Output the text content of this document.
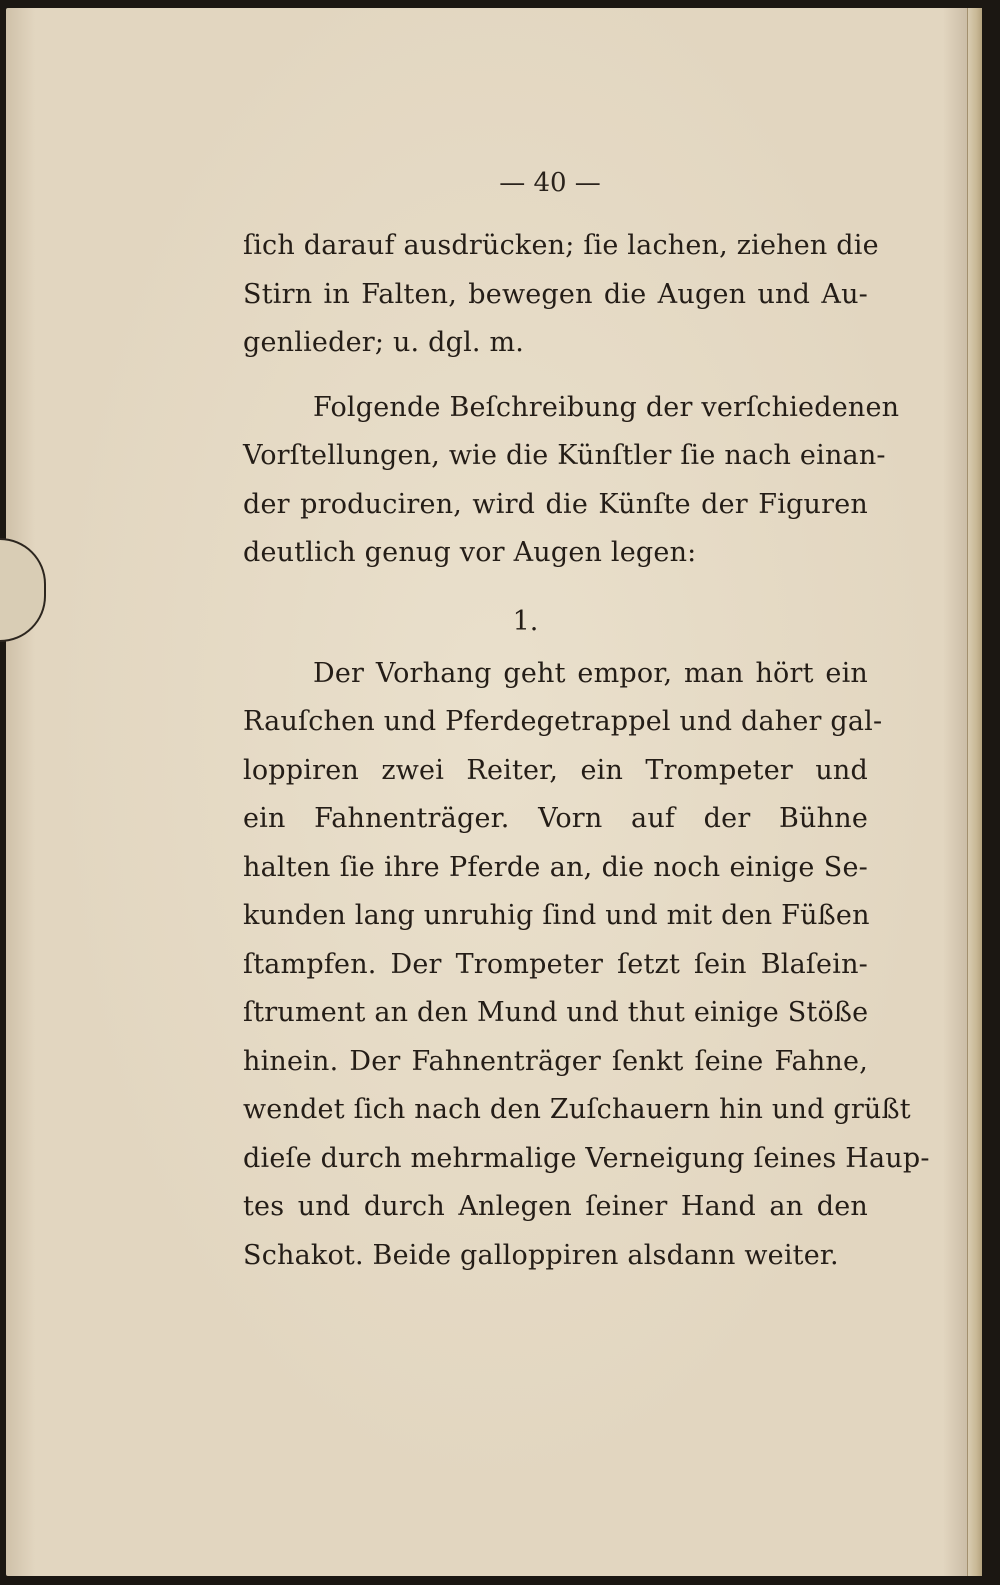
— 40 —
ſich darauf ausdrücken; ſie lachen, ziehen die
Stirn in Falten, bewegen die Augen und Au-
genlieder; u. dgl. m.
Folgende Beſchreibung der verſchiedenen
Vorſtellungen, wie die Künſtler ſie nach einan-
der produciren, wird die Künſte der Figuren
deutlich genug vor Augen legen:
1.
Der Vorhang geht empor, man hört ein
Rauſchen und Pferdegetrappel und daher gal-
loppiren zwei Reiter, ein Trompeter und
ein Fahnenträger. Vorn auf der Bühne
halten ſie ihre Pferde an, die noch einige Se-
kunden lang unruhig ſind und mit den Füßen
ſtampfen. Der Trompeter ſetzt ſein Blaſein-
ſtrument an den Mund und thut einige Stöße
hinein. Der Fahnenträger ſenkt ſeine Fahne,
wendet ſich nach den Zuſchauern hin und grüßt
dieſe durch mehrmalige Verneigung ſeines Haup-
tes und durch Anlegen ſeiner Hand an den
Schakot. Beide galloppiren alsdann weiter.
